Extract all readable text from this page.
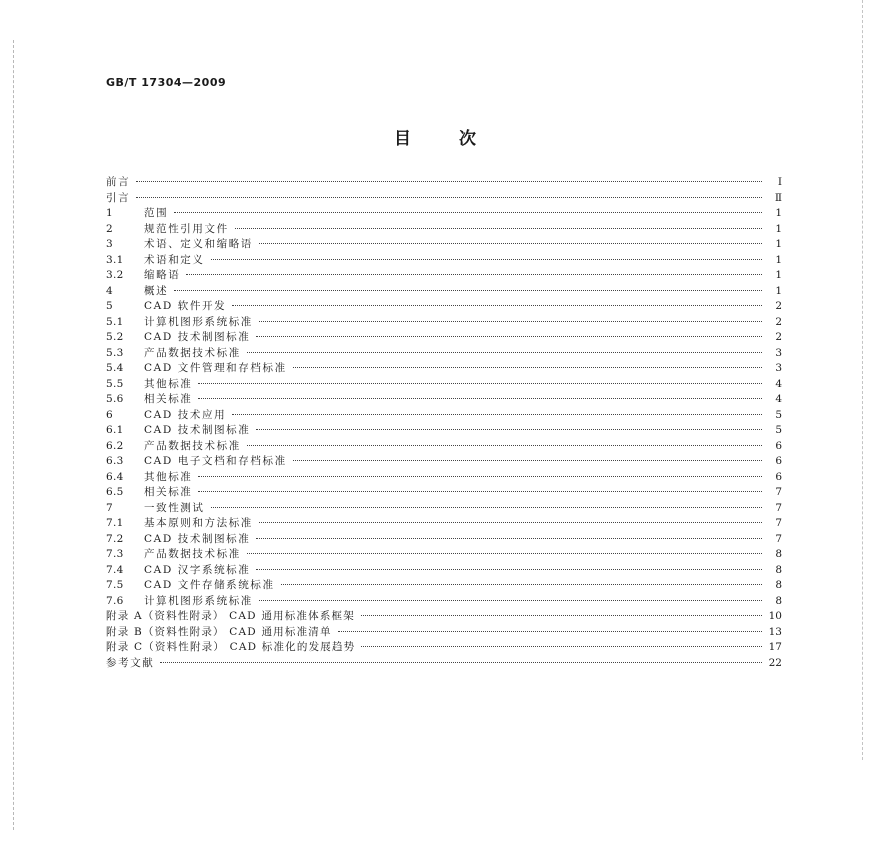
GB/T 17304—2009
目次
前言	Ⅰ
引言	Ⅱ
1	范围	1
2	规范性引用文件	1
3	术语、定义和缩略语	1
3.1	术语和定义	1
3.2	缩略语	1
4	概述	1
5	CAD 软件开发	2
5.1	计算机图形系统标准	2
5.2	CAD 技术制图标准	2
5.3	产品数据技术标准	3
5.4	CAD 文件管理和存档标准	3
5.5	其他标准	4
5.6	相关标准	4
6	CAD 技术应用	5
6.1	CAD 技术制图标准	5
6.2	产品数据技术标准	6
6.3	CAD 电子文档和存档标准	6
6.4	其他标准	6
6.5	相关标准	7
7	一致性测试	7
7.1	基本原则和方法标准	7
7.2	CAD 技术制图标准	7
7.3	产品数据技术标准	8
7.4	CAD 汉字系统标准	8
7.5	CAD 文件存储系统标准	8
7.6	计算机图形系统标准	8
附录 A（资料性附录） CAD 通用标准体系框架	10
附录 B（资料性附录） CAD 通用标准清单	13
附录 C（资料性附录） CAD 标准化的发展趋势	17
参考文献	22
